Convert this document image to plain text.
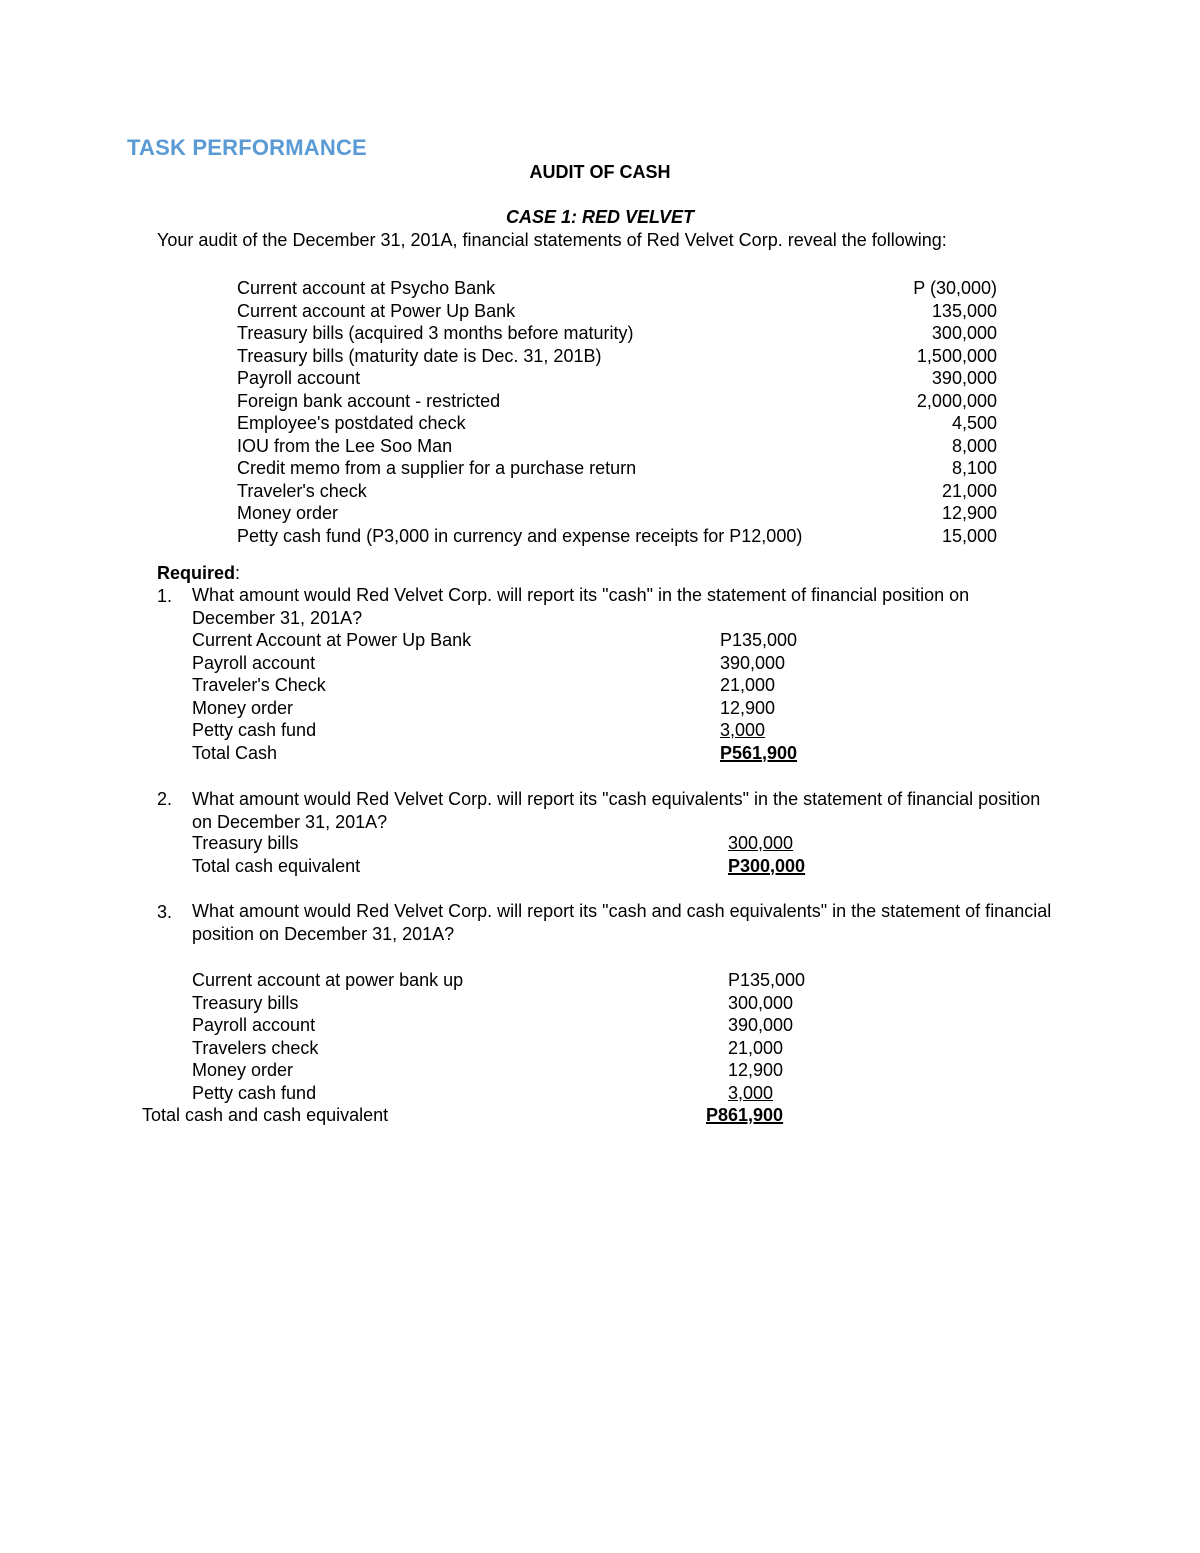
TASK PERFORMANCE
AUDIT OF CASH
CASE 1: RED VELVET
Your audit of the December 31, 201A, financial statements of Red Velvet Corp. reveal the following:
Current account at Psycho Bank	P (30,000)
Current account at Power Up Bank	135,000
Treasury bills (acquired 3 months before maturity)	300,000
Treasury bills (maturity date is Dec. 31, 201B)	1,500,000
Payroll account	390,000
Foreign bank account - restricted	2,000,000
Employee's postdated check	4,500
IOU from the Lee Soo Man	8,000
Credit memo from a supplier for a purchase return	8,100
Traveler's check	21,000
Money order	12,900
Petty cash fund (P3,000 in currency and expense receipts for P12,000)	15,000
Required:
1. What amount would Red Velvet Corp. will report its "cash" in the statement of financial position on December 31, 201A?
Current Account at Power Up Bank	P135,000
Payroll account	390,000
Traveler's Check	21,000
Money order	12,900
Petty cash fund	3,000
Total Cash	P561,900
2. What amount would Red Velvet Corp. will report its "cash equivalents" in the statement of financial position on December 31, 201A?
Treasury bills	300,000
Total cash equivalent	P300,000
3. What amount would Red Velvet Corp. will report its "cash and cash equivalents" in the statement of financial position on December 31, 201A?
Current account at power bank up	P135,000
Treasury bills	300,000
Payroll account	390,000
Travelers check	21,000
Money order	12,900
Petty cash fund	3,000
Total cash and cash equivalent	P861,900
